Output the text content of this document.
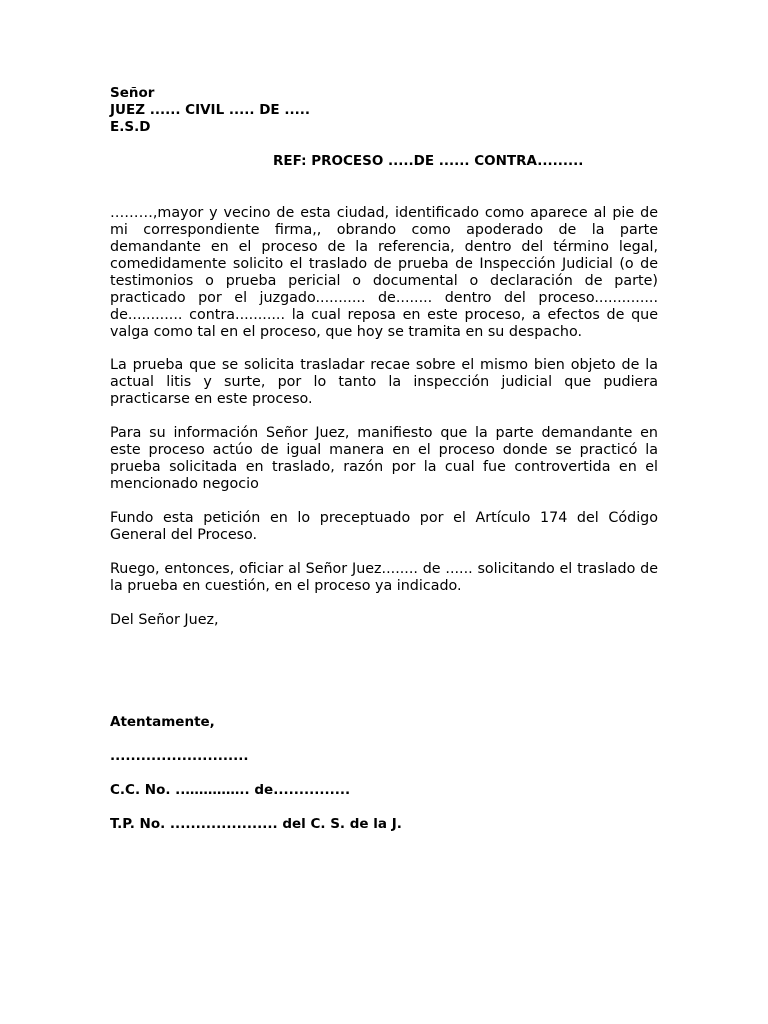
Señor
JUEZ ...... CIVIL ..... DE .....
E.S.D
REF: PROCESO .....DE ...... CONTRA.........

………,mayor y vecino de esta ciudad, identificado como aparece al pie de mi correspondiente firma,, obrando como apoderado de la parte demandante en el proceso de la referencia, dentro del término legal, comedidamente solicito el traslado de prueba de Inspección Judicial (o de testimonios o prueba pericial o documental o declaración de parte) practicado por el juzgado........... de........ dentro del proceso.............. de............ contra........... la cual reposa en este proceso, a efectos de que valga como tal en el proceso, que hoy se tramita en su despacho.

La prueba que se solicita trasladar recae sobre el mismo bien objeto de la actual litis y surte, por lo tanto la inspección judicial que pudiera practicarse en este proceso.

Para su información Señor Juez, manifiesto que la parte demandante en este proceso actúo de igual manera en el proceso donde se practicó la prueba solicitada en traslado, razón por la cual fue controvertida en el mencionado negocio

Fundo esta petición en lo preceptuado por el Artículo 174 del Código General del Proceso.

Ruego, entonces, oficiar al Señor Juez........ de ...... solicitando el traslado de la prueba en cuestión, en el proceso ya indicado.

Del Señor Juez,
Atentamente,
...........................
C.C. No. ..………….. de...............
T.P. No. ..................... del C. S. de la J.
